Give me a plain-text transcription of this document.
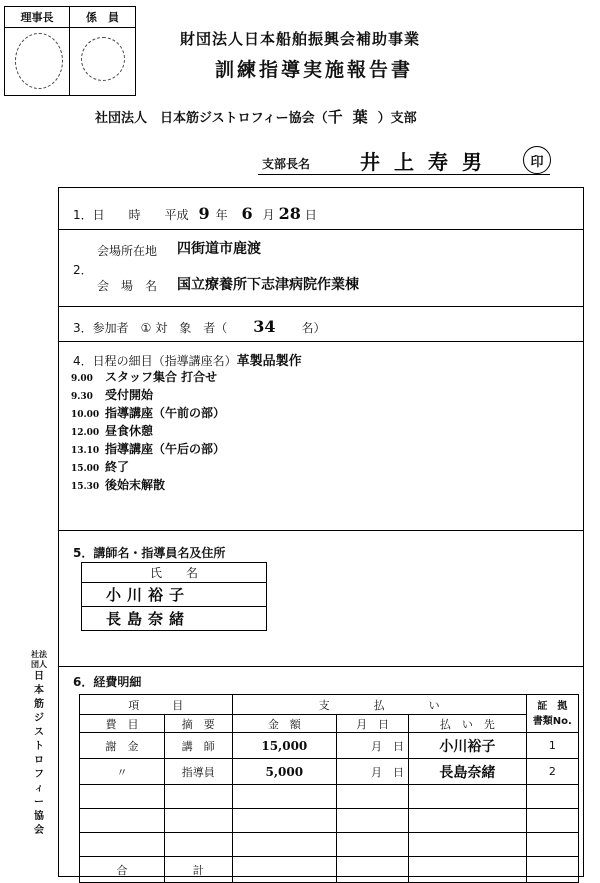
理事長	係　員
財団法人日本船舶振興会補助事業
訓練指導実施報告書
社団法人　日本筋ジストロフィー協会（千葉）支部
支部長名 井上寿男	印
1．日　　時　　平成 9 年 6 月 28 日
2．
会場所在地 四街道市鹿渡
会　場　名 国立療養所下志津病院作業棟
3．参加者　 ① 対　象　者（ 34 名）
4．日程の細目（指導講座名）革製品製作
9.00 スタッフ集合 打合せ
9.30 受付開始
10.00 指導講座（午前の部）
12.00 昼食休憩
13.10 指導講座（午后の部）
15.00 終了
15.30 後始末解散
5．講師名・指導員名及住所
氏　　名
小川裕子
長島奈緒
6．経費明細
項　　　目		支　　　　払　　　　い			証　拠
書類No.
費　目	摘　要	金　額	月　日	払　い　先	
謝　金	講　師	15,000	月　日	小川裕子	1
〃	指導員	5,000	月　日	長島奈緒	2

合	計				
社法
団人
日
本
筋
ジ
ス
ト
ロ
フ
ィ
ー
協
会
